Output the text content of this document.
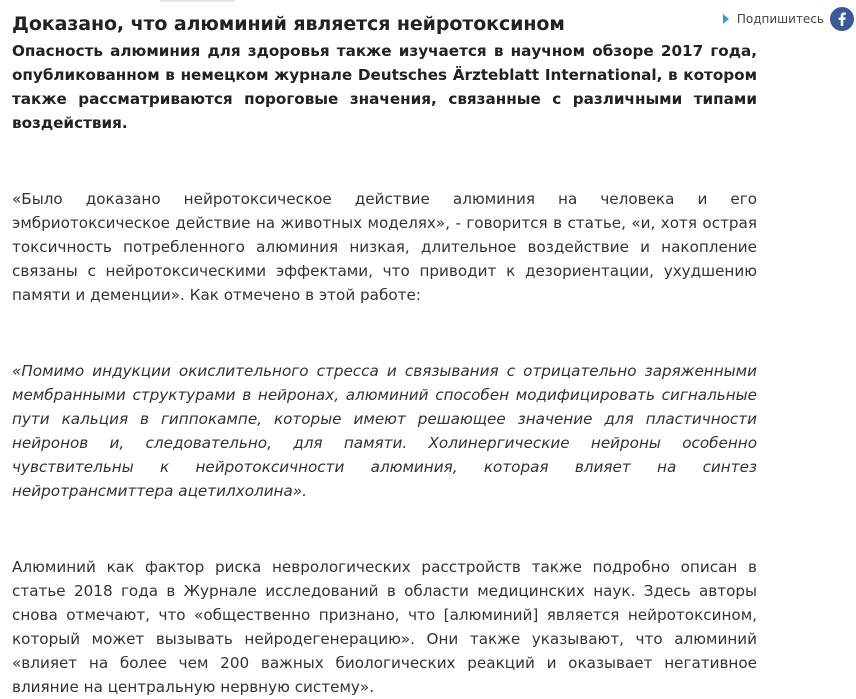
Подпишитесь
Доказано, что алюминий является нейротоксином

Опасность алюминия для здоровья также изучается в научном обзоре 2017 года, опубликованном в немецком журнале Deutsches Ärzteblatt International, в котором также рассматриваются пороговые значения, связанные с различными типами воздействия.

«Было доказано нейротоксическое действие алюминия на человека и его эмбриотоксическое действие на животных моделях», - говорится в статье, «и, хотя острая токсичность потребленного алюминия низкая, длительное воздействие и накопление связаны с нейротоксическими эффектами, что приводит к дезориентации, ухудшению памяти и деменции». Как отмечено в этой работе:

«Помимо индукции окислительного стресса и связывания с отрицательно заряженными мембранными структурами в нейронах, алюминий способен модифицировать сигнальные пути кальция в гиппокампе, которые имеют решающее значение для пластичности нейронов и, следовательно, для памяти. Холинергические нейроны особенно чувствительны к нейротоксичности алюминия, которая влияет на синтез нейротрансмиттера ацетилхолина».

Алюминий как фактор риска неврологических расстройств также подробно описан в статье 2018 года в Журнале исследований в области медицинских наук. Здесь авторы снова отмечают, что «общественно признано, что [алюминий] является нейротоксином, который может вызывать нейродегенерацию». Они также указывают, что алюминий «влияет на более чем 200 важных биологических реакций и оказывает негативное влияние на центральную нервную систему».
